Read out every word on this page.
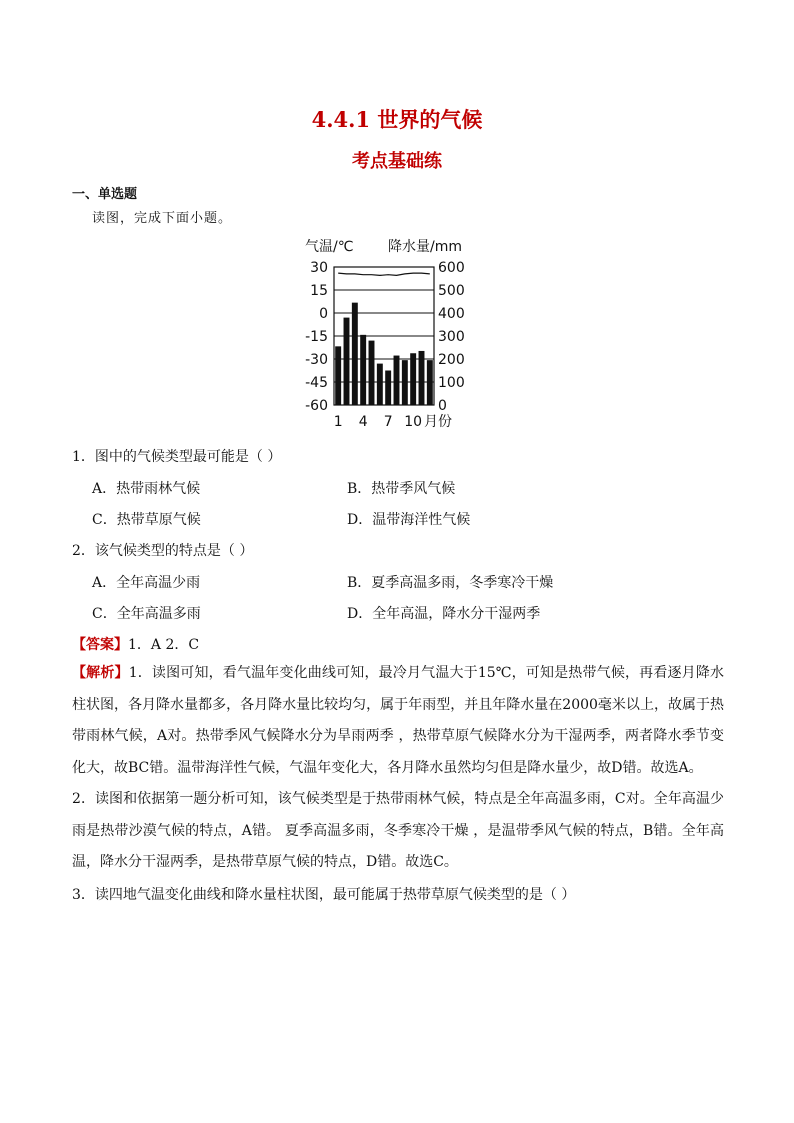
4.4.1 世界的气候
考点基础练
一、单选题
读图，完成下面小题。
气温/℃ 降水量/mm
30
15
0
-15
-30
-45
-60
600
500
400
300
200
100
0
1 4 7 10 月份
1．图中的气候类型最可能是（ ）
A．热带雨林气候	B．热带季风气候
C．热带草原气候	D．温带海洋性气候
2．该气候类型的特点是（ ）
A．全年高温少雨	B．夏季高温多雨，冬季寒冷干燥
C．全年高温多雨	D．全年高温，降水分干湿两季
【答案】1．A 2．C
【解析】1．读图可知，看气温年变化曲线可知，最冷月气温大于15℃，可知是热带气候，再看逐月降水柱状图，各月降水量都多，各月降水量比较均匀，属于年雨型，并且年降水量在2000毫米以上，故属于热带雨林气候，A对。热带季风气候降水分为旱雨两季 ，热带草原气候降水分为干湿两季，两者降水季节变化大，故BC错。温带海洋性气候，气温年变化大，各月降水虽然均匀但是降水量少，故D错。故选A。
2．读图和依据第一题分析可知，该气候类型是于热带雨林气候，特点是全年高温多雨，C对。全年高温少雨是热带沙漠气候的特点，A错。 夏季高温多雨，冬季寒冷干燥 ，是温带季风气候的特点，B错。全年高温，降水分干湿两季，是热带草原气候的特点，D错。故选C。
3．读四地气温变化曲线和降水量柱状图，最可能属于热带草原气候类型的是（ ）
